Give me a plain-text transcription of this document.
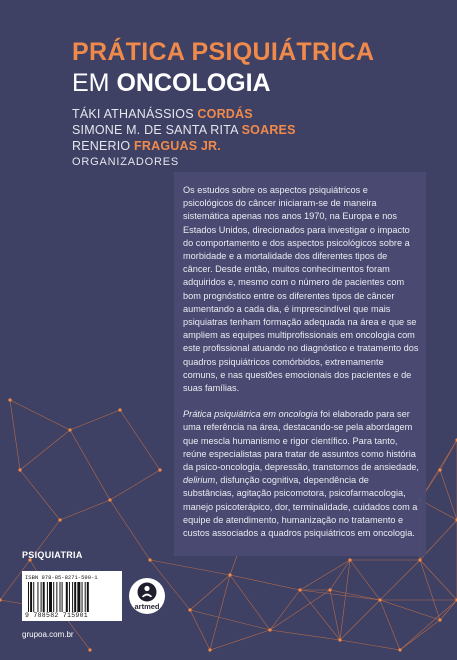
PRÁTICA PSIQUIÁTRICA
EM ONCOLOGIA
TÁKI ATHANÁSSIOS CORDÁS
SIMONE M. DE SANTA RITA SOARES
RENERIO FRAGUAS JR.
ORGANIZADORES

Os estudos sobre os aspectos psiquiátricos e psicológicos do câncer iniciaram-se de maneira sistemática apenas nos anos 1970, na Europa e nos Estados Unidos, direcionados para investigar o impacto do comportamento e dos aspectos psicológicos sobre a morbidade e a mortalidade dos diferentes tipos de câncer. Desde então, muitos conhecimentos foram adquiridos e, mesmo com o número de pacientes com bom prognóstico entre os diferentes tipos de câncer aumentando a cada dia, é imprescindível que mais psiquiatras tenham formação adequada na área e que se ampliem as equipes multiprofissionais em oncologia com este profissional atuando no diagnóstico e tratamento dos quadros psiquiátricos comórbidos, extremamente comuns, e nas questões emocionais dos pacientes e de suas famílias.

Prática psiquiátrica em oncologia foi elaborado para ser uma referência na área, destacando-se pela abordagem que mescla humanismo e rigor científico. Para tanto, reúne especialistas para tratar de assuntos como história da psico-oncologia, depressão, transtornos de ansiedade, delirium, disfunção cognitiva, dependência de substâncias, agitação psicomotora, psicofarmacologia, manejo psicoterápico, dor, terminalidade, cuidados com a equipe de atendimento, humanização no tratamento e custos associados a quadros psiquiátricos em oncologia.

PSIQUIATRIA
ISBN 978-85-8271-590-1
9 788582 715901
artmed
grupoa.com.br
